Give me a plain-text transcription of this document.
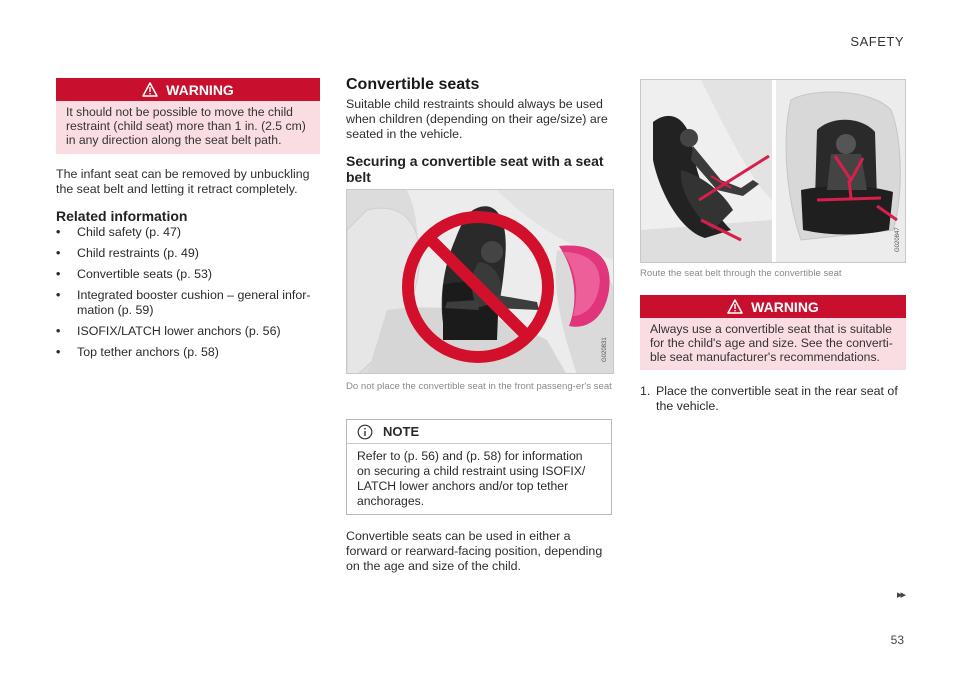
SAFETY
WARNING
It should not be possible to move the child restraint (child seat) more than 1 in. (2.5 cm) in any direction along the seat belt path.
The infant seat can be removed by unbuckling the seat belt and letting it retract completely.
Related information
• Child safety (p. 47)
• Child restraints (p. 49)
• Convertible seats (p. 53)
• Integrated booster cushion – general infor-mation (p. 59)
• ISOFIX/LATCH lower anchors (p. 56)
• Top tether anchors (p. 58)
Convertible seats
Suitable child restraints should always be used when children (depending on their age/size) are seated in the vehicle.
Securing a convertible seat with a seat belt
G020831
Do not place the convertible seat in the front passeng-er's seat
NOTE
Refer to (p. 56) and (p. 58) for information on securing a child restraint using ISOFIX/ LATCH lower anchors and/or top tether anchorages.
Convertible seats can be used in either a forward or rearward-facing position, depending on the age and size of the child.
G020847
Route the seat belt through the convertible seat
WARNING
Always use a convertible seat that is suitable for the child's age and size. See the converti-ble seat manufacturer's recommendations.
1. Place the convertible seat in the rear seat of the vehicle.
▸▸
53
